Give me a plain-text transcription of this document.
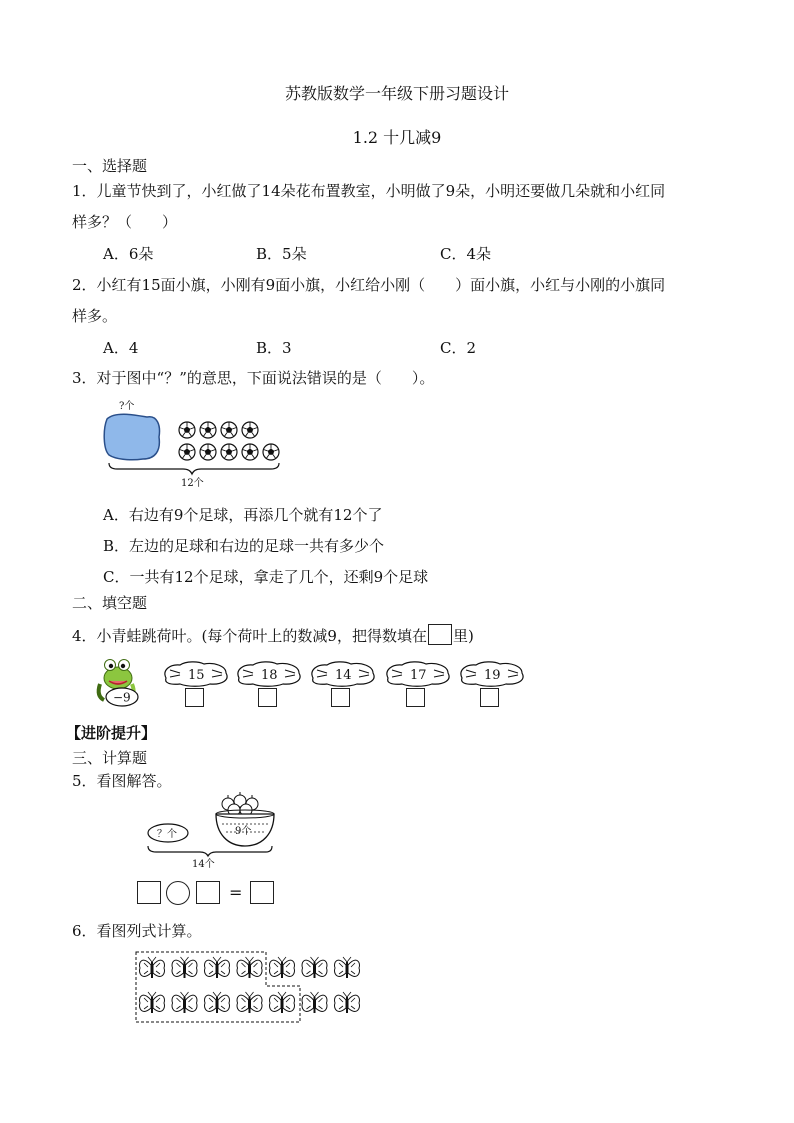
苏教版数学一年级下册习题设计
1.2 十几减9
一、选择题
1．儿童节快到了，小红做了14朵花布置教室，小明做了9朵，小明还要做几朵就和小红同
样多？（　　）
A．6朵	B．5朵	C．4朵
2．小红有15面小旗，小刚有9面小旗，小红给小刚（　　）面小旗，小红与小刚的小旗同
样多。
A．4	B．3	C．2
3．对于图中“？”的意思，下面说法错误的是（　　）。
?个
12个
A．右边有9个足球，再添几个就有12个了
B．左边的足球和右边的足球一共有多少个
C．一共有12个足球，拿走了几个，还剩9个足球
二、填空题
4．小青蛙跳荷叶。(每个荷叶上的数减9，把得数填在 里)
−9
15	18	14	17	19
【进阶提升】
三、计算题
5．看图解答。
？个	9个
14个
=
6．看图列式计算。
